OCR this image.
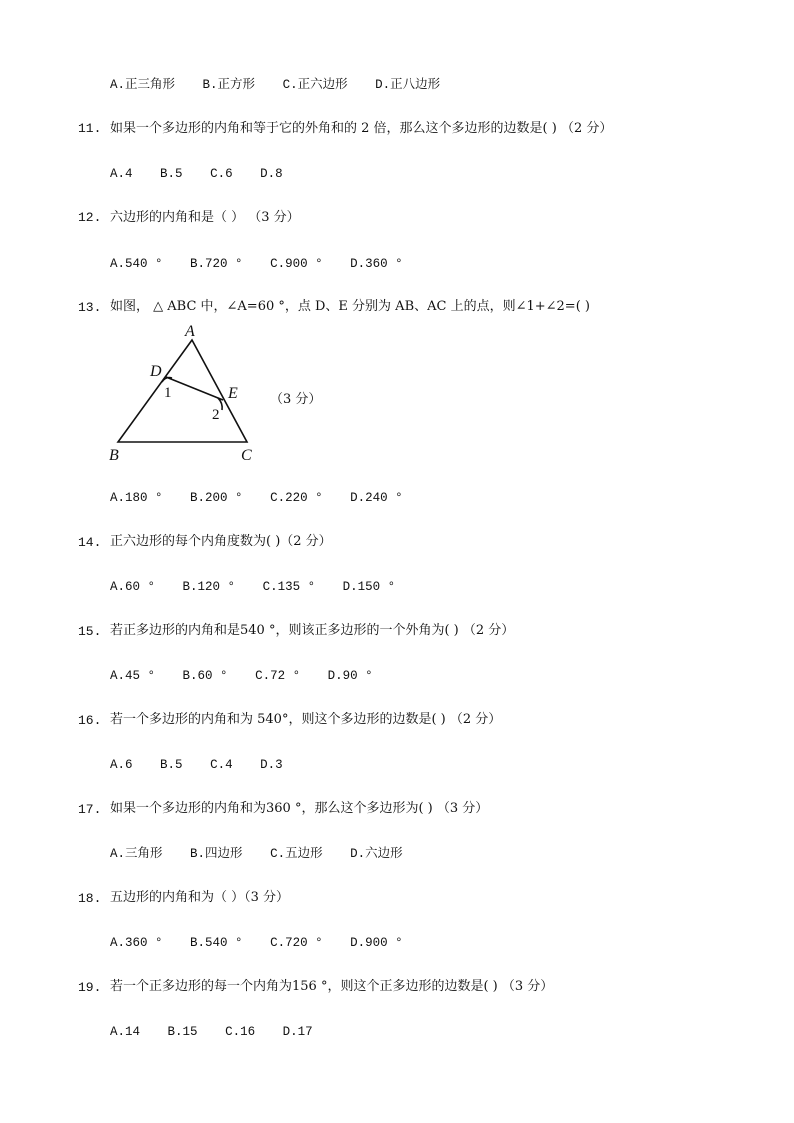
A.正三角形 B.正方形 C.正六边形 D.正八边形
11. 如果一个多边形的内角和等于它的外角和的 2 倍，那么这个多边形的边数是( ) （2 分）
A.4 B.5 C.6 D.8
12. 六边形的内角和是（ ） （3 分）
A.540 ° B.720 ° C.900 ° D.360 °
13. 如图， △ ABC 中，∠A=60 °，点 D、E 分别为 AB、AC 上的点，则∠1+∠2=( )
A
D
E
B	C
1
2
（3 分）
A.180 ° B.200 ° C.220 ° D.240 °
14. 正六边形的每个内角度数为( )（2 分）
A.60 ° B.120 ° C.135 ° D.150 °
15. 若正多边形的内角和是540 °，则该正多边形的一个外角为( ) （2 分）
A.45 ° B.60 ° C.72 ° D.90 °
16. 若一个多边形的内角和为 540°，则这个多边形的边数是( ) （2 分）
A.6 B.5 C.4 D.3
17. 如果一个多边形的内角和为360 °，那么这个多边形为( ) （3 分）
A.三角形 B.四边形 C.五边形 D.六边形
18. 五边形的内角和为（ ）（3 分）
A.360 ° B.540 ° C.720 ° D.900 °
19. 若一个正多边形的每一个内角为156 °，则这个正多边形的边数是( ) （3 分）
A.14 B.15 C.16 D.17
